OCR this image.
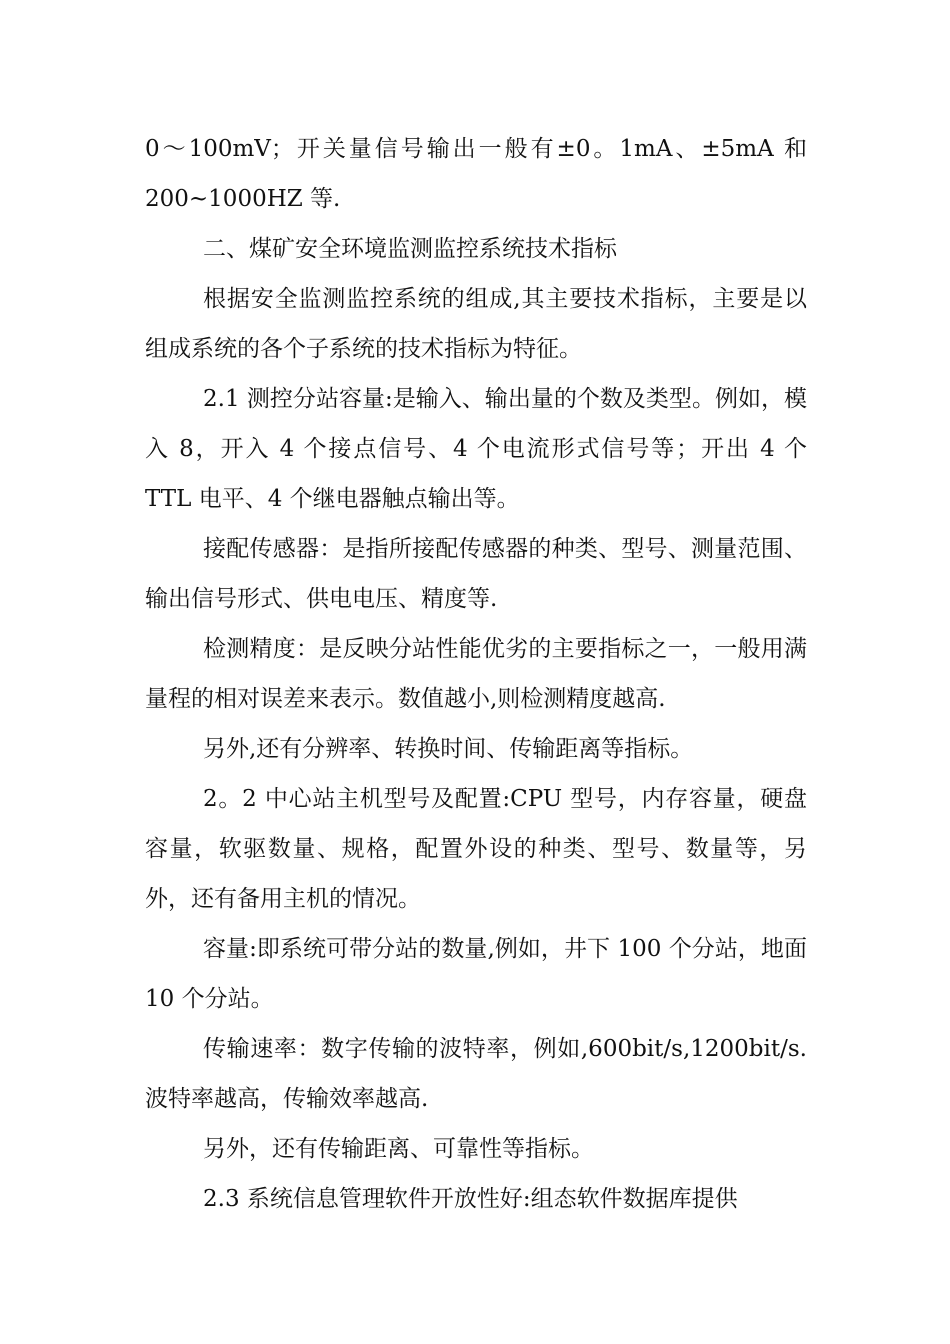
0～100mV；开关量信号输出一般有±0。1mA、±5mA 和 200~1000HZ 等.

二、煤矿安全环境监测监控系统技术指标

根据安全监测监控系统的组成,其主要技术指标，主要是以组成系统的各个子系统的技术指标为特征。

2.1 测控分站容量:是输入、输出量的个数及类型。例如，模入 8，开入 4 个接点信号、4 个电流形式信号等；开出 4 个 TTL 电平、4 个继电器触点输出等。

接配传感器：是指所接配传感器的种类、型号、测量范围、输出信号形式、供电电压、精度等.

检测精度：是反映分站性能优劣的主要指标之一，一般用满量程的相对误差来表示。数值越小,则检测精度越高.

另外,还有分辨率、转换时间、传输距离等指标。

2。2 中心站主机型号及配置:CPU 型号，内存容量，硬盘容量，软驱数量、规格，配置外设的种类、型号、数量等，另外，还有备用主机的情况。

容量:即系统可带分站的数量,例如，井下 100 个分站，地面 10 个分站。

传输速率：数字传输的波特率，例如,600bit/s,1200bit/s.波特率越高，传输效率越高.

另外，还有传输距离、可靠性等指标。

2.3 系统信息管理软件开放性好:组态软件数据库提供
